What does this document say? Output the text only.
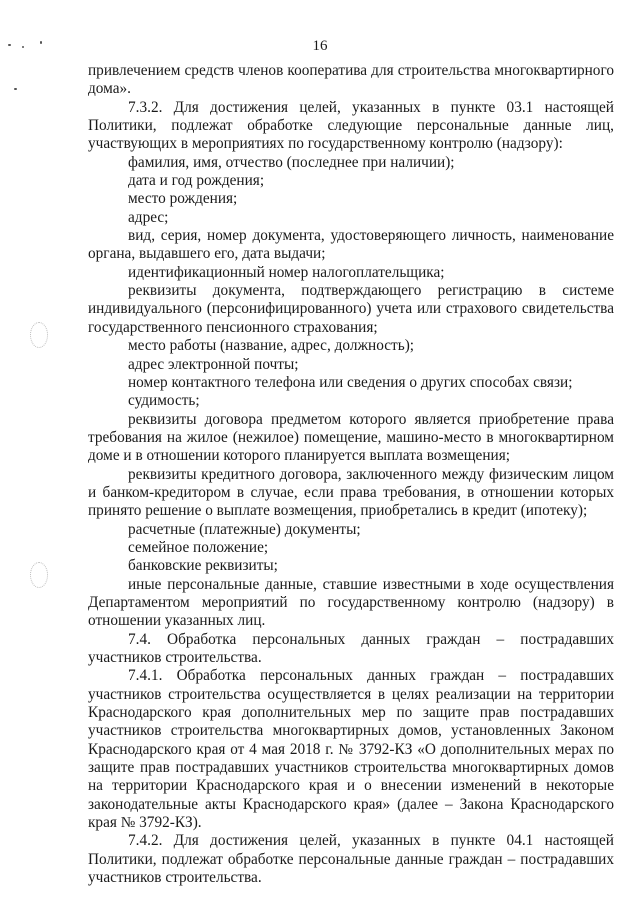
16

привлечением средств членов кооператива для строительства многоквартирного дома».

7.3.2. Для достижения целей, указанных в пункте 03.1 настоящей Политики, подлежат обработке следующие персональные данные лиц, участвующих в мероприятиях по государственному контролю (надзору):

фамилия, имя, отчество (последнее при наличии);

дата и год рождения;

место рождения;

адрес;

вид, серия, номер документа, удостоверяющего личность, наименование органа, выдавшего его, дата выдачи;

идентификационный номер налогоплательщика;

реквизиты документа, подтверждающего регистрацию в системе индивидуального (персонифицированного) учета или страхового свидетельства государственного пенсионного страхования;

место работы (название, адрес, должность);

адрес электронной почты;

номер контактного телефона или сведения о других способах связи;

судимость;

реквизиты договора предметом которого является приобретение права требования на жилое (нежилое) помещение, машино-место в многоквартирном доме и в отношении которого планируется выплата возмещения;

реквизиты кредитного договора, заключенного между физическим лицом и банком-кредитором в случае, если права требования, в отношении которых принято решение о выплате возмещения, приобретались в кредит (ипотеку);

расчетные (платежные) документы;

семейное положение;

банковские реквизиты;

иные персональные данные, ставшие известными в ходе осуществления Департаментом мероприятий по государственному контролю (надзору) в отношении указанных лиц.

7.4. Обработка персональных данных граждан – пострадавших участников строительства.

7.4.1. Обработка персональных данных граждан – пострадавших участников строительства осуществляется в целях реализации на территории Краснодарского края дополнительных мер по защите прав пострадавших участников строительства многоквартирных домов, установленных Законом Краснодарского края от 4 мая 2018 г. № 3792-КЗ «О дополнительных мерах по защите прав пострадавших участников строительства многоквартирных домов на территории Краснодарского края и о внесении изменений в некоторые законодательные акты Краснодарского края» (далее – Закона Краснодарского края № 3792-КЗ).

7.4.2. Для достижения целей, указанных в пункте 04.1 настоящей Политики, подлежат обработке персональные данные граждан – пострадавших участников строительства.
